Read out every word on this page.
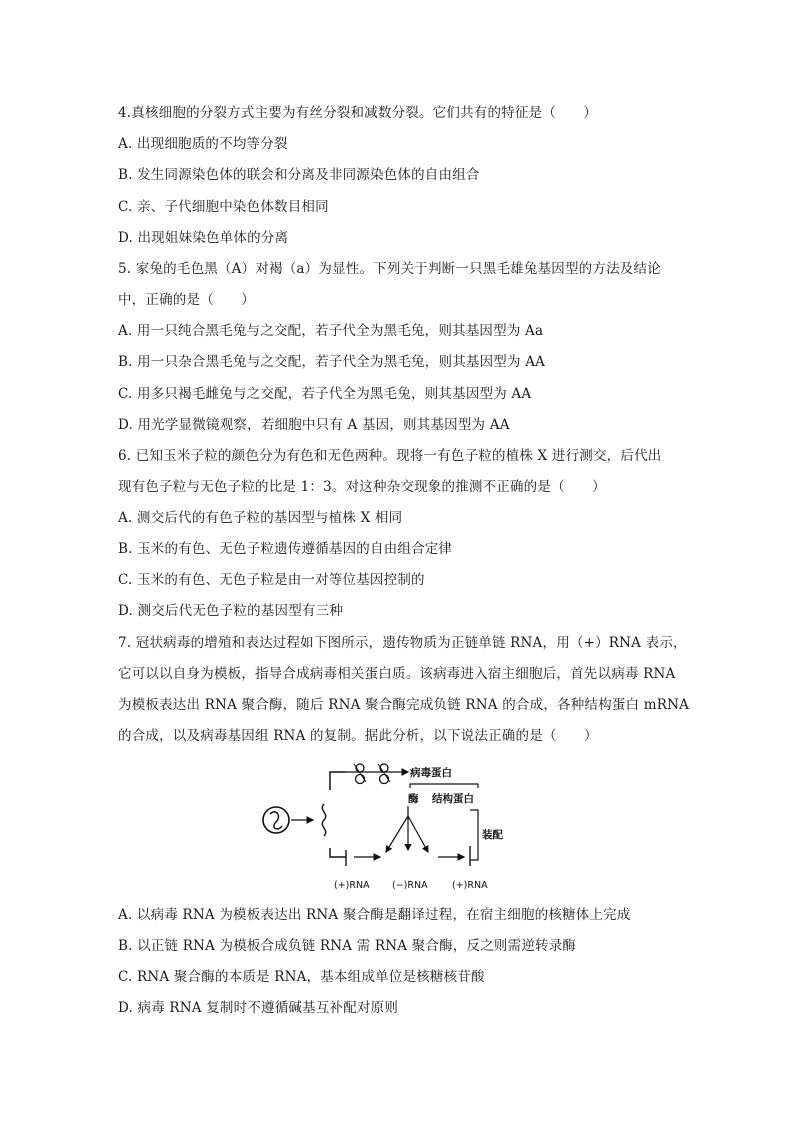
4.真核细胞的分裂方式主要为有丝分裂和减数分裂。它们共有的特征是（　　）
A. 出现细胞质的不均等分裂
B. 发生同源染色体的联会和分离及非同源染色体的自由组合
C. 亲、子代细胞中染色体数目相同
D. 出现姐妹染色单体的分离
5. 家兔的毛色黑（A）对褐（a）为显性。下列关于判断一只黑毛雄兔基因型的方法及结论
中，正确的是（　　）
A. 用一只纯合黑毛兔与之交配，若子代全为黑毛兔，则其基因型为 Aa
B. 用一只杂合黑毛兔与之交配，若子代全为黑毛兔，则其基因型为 AA
C. 用多只褐毛雌兔与之交配，若子代全为黑毛兔，则其基因型为 AA
D. 用光学显微镜观察，若细胞中只有 A 基因，则其基因型为 AA
6. 已知玉米子粒的颜色分为有色和无色两种。现将一有色子粒的植株 X 进行测交，后代出
现有色子粒与无色子粒的比是 1：3。对这种杂交现象的推测不正确的是（　　）
A. 测交后代的有色子粒的基因型与植株 X 相同
B. 玉米的有色、无色子粒遗传遵循基因的自由组合定律
C. 玉米的有色、无色子粒是由一对等位基因控制的
D. 测交后代无色子粒的基因型有三种
7. 冠状病毒的增殖和表达过程如下图所示，遗传物质为正链单链 RNA，用（+）RNA 表示，
它可以以自身为模板，指导合成病毒相关蛋白质。该病毒进入宿主细胞后，首先以病毒 RNA
为模板表达出 RNA 聚合酶，随后 RNA 聚合酶完成负链 RNA 的合成，各种结构蛋白 mRNA
的合成，以及病毒基因组 RNA 的复制。据此分析，以下说法正确的是（　　）
病毒蛋白
酶 结构蛋白
装配
(+)RNA (−)RNA	(+)RNA
A. 以病毒 RNA 为模板表达出 RNA 聚合酶是翻译过程，在宿主细胞的核糖体上完成
B. 以正链 RNA 为模板合成负链 RNA 需 RNA 聚合酶，反之则需逆转录酶
C. RNA 聚合酶的本质是 RNA，基本组成单位是核糖核苷酸
D. 病毒 RNA 复制时不遵循碱基互补配对原则
